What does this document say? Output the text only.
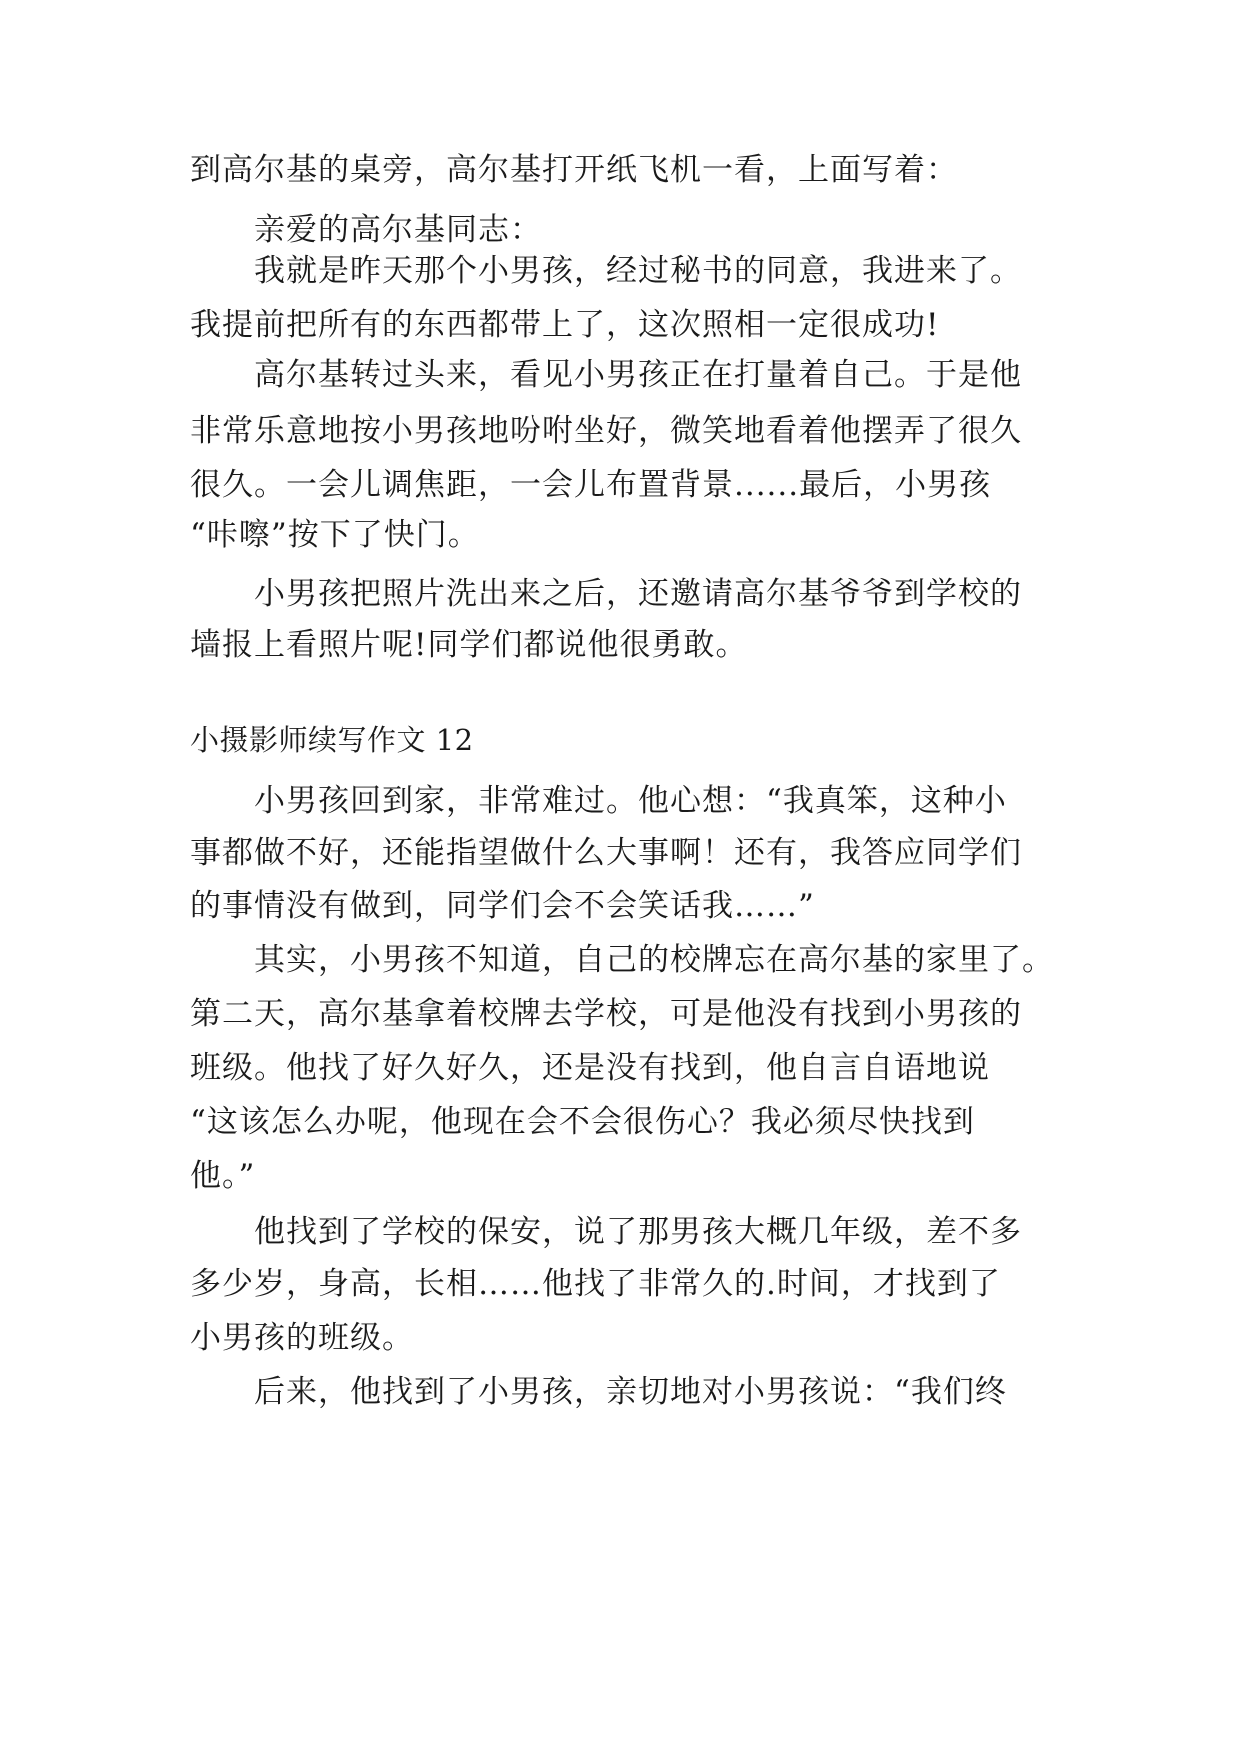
到高尔基的桌旁，高尔基打开纸飞机一看，上面写着：
亲爱的高尔基同志：
我就是昨天那个小男孩，经过秘书的同意，我进来了。
我提前把所有的东西都带上了，这次照相一定很成功!
高尔基转过头来，看见小男孩正在打量着自己。于是他
非常乐意地按小男孩地吩咐坐好，微笑地看着他摆弄了很久
很久。一会儿调焦距，一会儿布置背景......最后，小男孩
“咔嚓”按下了快门。
小男孩把照片洗出来之后，还邀请高尔基爷爷到学校的
墙报上看照片呢!同学们都说他很勇敢。
小摄影师续写作文 12
小男孩回到家，非常难过。他心想：“我真笨，这种小
事都做不好，还能指望做什么大事啊！还有，我答应同学们
的事情没有做到，同学们会不会笑话我……”
其实，小男孩不知道，自己的校牌忘在高尔基的家里了。
第二天，高尔基拿着校牌去学校，可是他没有找到小男孩的
班级。他找了好久好久，还是没有找到，他自言自语地说
“这该怎么办呢，他现在会不会很伤心？我必须尽快找到
他。”
他找到了学校的保安，说了那男孩大概几年级，差不多
多少岁，身高，长相……他找了非常久的.时间，才找到了
小男孩的班级。
后来，他找到了小男孩，亲切地对小男孩说：“我们终
